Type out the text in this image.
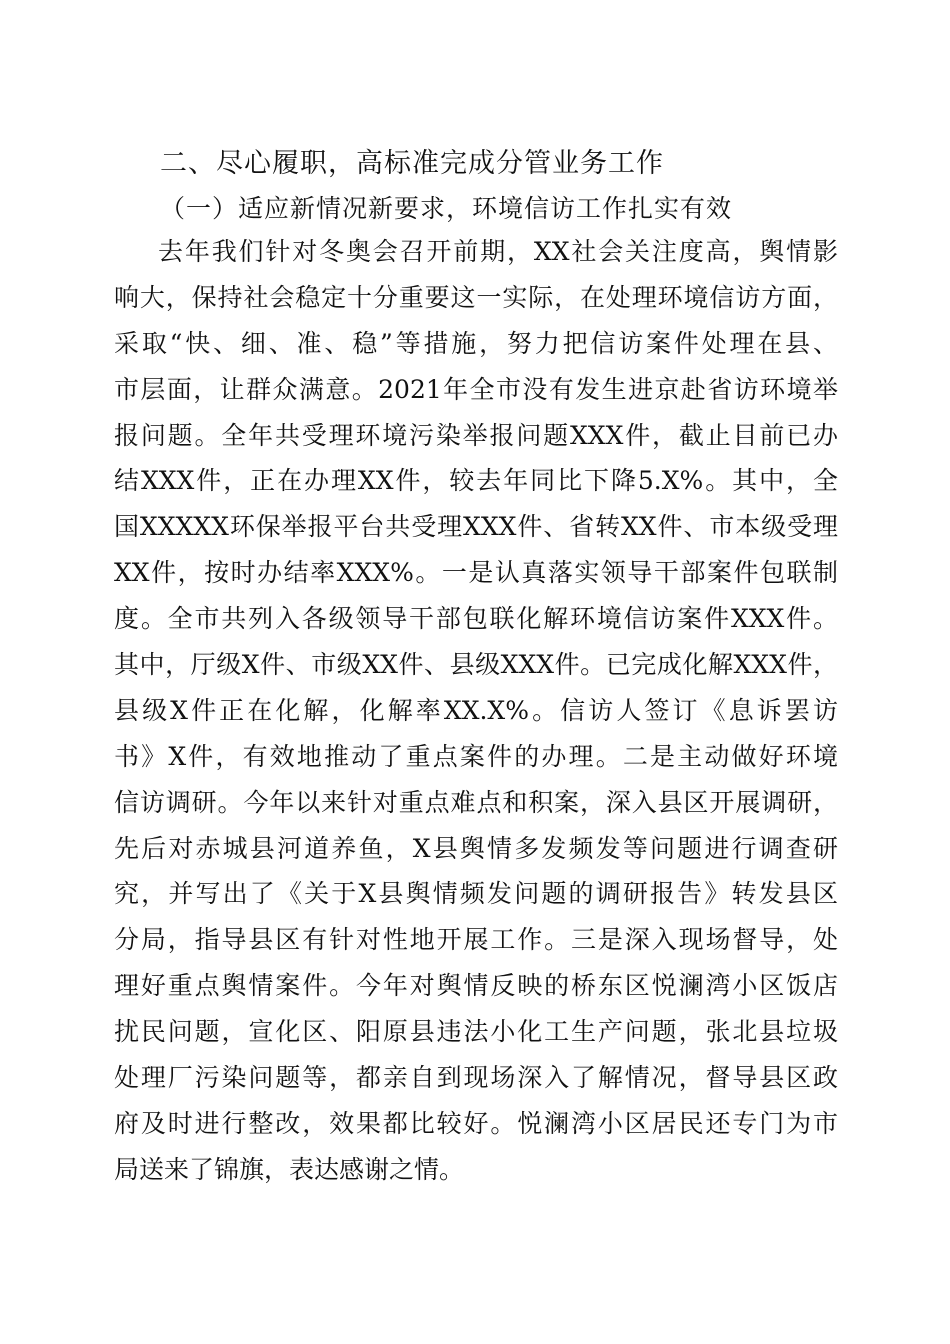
二、尽心履职，高标准完成分管业务工作
（一）适应新情况新要求，环境信访工作扎实有效
去年我们针对冬奥会召开前期，XX社会关注度高，舆情影
响大，保持社会稳定十分重要这一实际，在处理环境信访方面，
采取“快、细、准、稳”等措施，努力把信访案件处理在县、
市层面，让群众满意。2021年全市没有发生进京赴省访环境举
报问题。全年共受理环境污染举报问题XXX件，截止目前已办
结XXX件，正在办理XX件，较去年同比下降5.X%。其中，全
国XXXXX环保举报平台共受理XXX件、省转XX件、市本级受理
XX件，按时办结率XXX%。一是认真落实领导干部案件包联制
度。全市共列入各级领导干部包联化解环境信访案件XXX件。
其中，厅级X件、市级XX件、县级XXX件。已完成化解XXX件，
县级X件正在化解，化解率XX.X%。信访人签订《息诉罢访
书》X件，有效地推动了重点案件的办理。二是主动做好环境
信访调研。今年以来针对重点难点和积案，深入县区开展调研，
先后对赤城县河道养鱼，X县舆情多发频发等问题进行调查研
究，并写出了《关于X县舆情频发问题的调研报告》转发县区
分局，指导县区有针对性地开展工作。三是深入现场督导，处
理好重点舆情案件。今年对舆情反映的桥东区悦澜湾小区饭店
扰民问题，宣化区、阳原县违法小化工生产问题，张北县垃圾
处理厂污染问题等，都亲自到现场深入了解情况，督导县区政
府及时进行整改，效果都比较好。悦澜湾小区居民还专门为市
局送来了锦旗，表达感谢之情。
